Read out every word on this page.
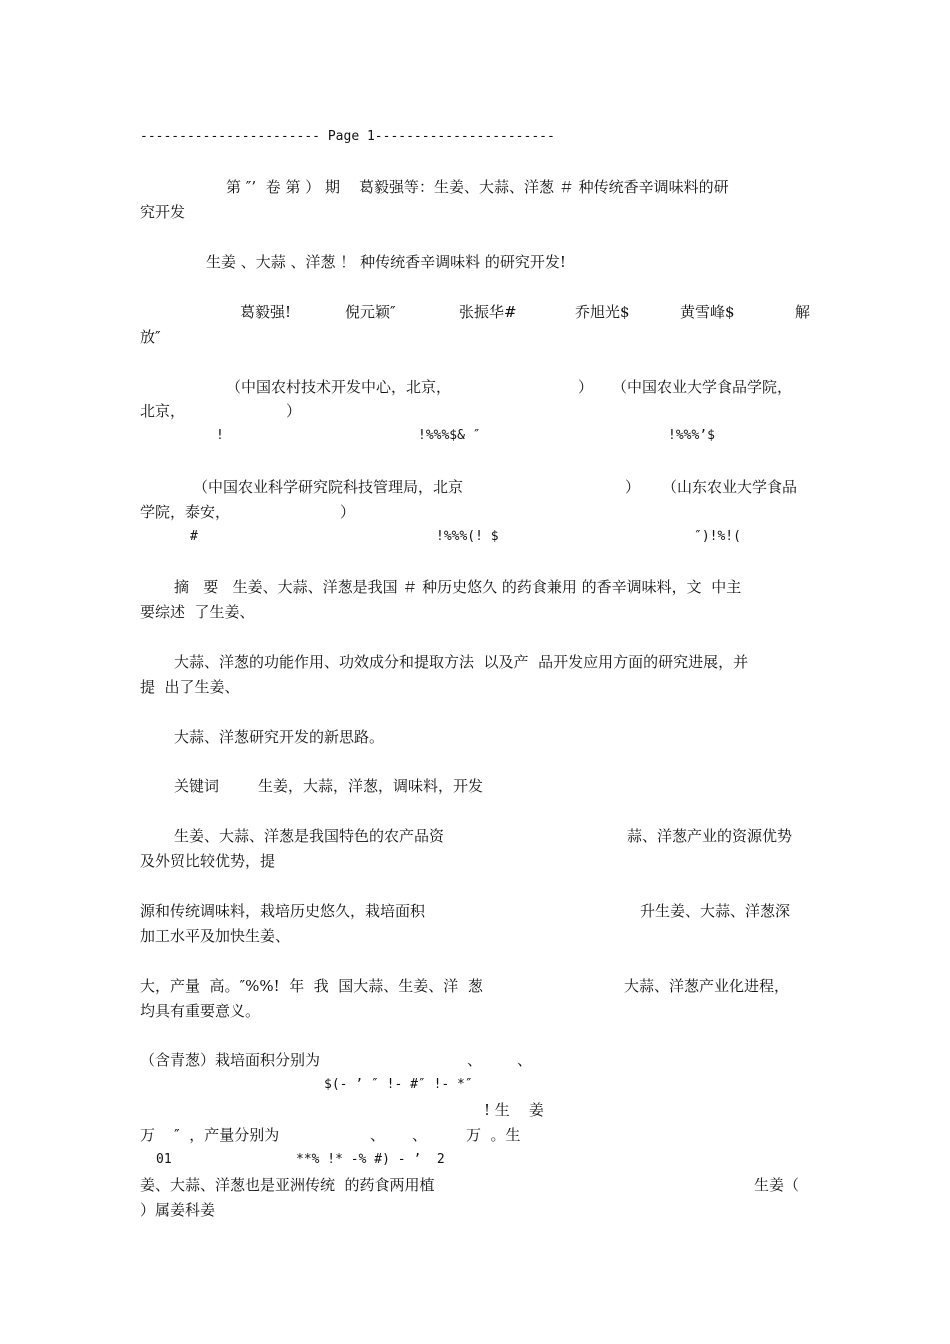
----------------------- Page 1-----------------------
第 ″’  卷 第 ） 期    葛毅强等：生姜、大蒜、洋葱 ＃ 种传统香辛调味料的研
究开发
生姜 、大蒜 、洋葱 ！ 种传统香辛调味料 的研究开发!
葛毅强!	倪元颖″	张振华#	乔旭光$	黄雪峰$	解
放″
（中国农村技术开发中心，北京，	） （中国农业大学食品学院，
北京，	）
!	!%%%$& ″	!%%%’$
（中国农业科学研究院科技管理局，北京	） （山东农业大学食品
学院，泰安，	）
#	!%%%(! $	″)!%!(
摘   要   生姜、大蒜、洋葱是我国 ＃ 种历史悠久 的药食兼用 的香辛调味料，文  中主
要综述  了生姜、
大蒜、洋葱的功能作用、功效成分和提取方法  以及产  品开发应用方面的研究进展，并
提  出了生姜、
大蒜、洋葱研究开发的新思路。
关键词	生姜，大蒜，洋葱，调味料，开发
生姜、大蒜、洋葱是我国特色的农产品资	蒜、洋葱产业的资源优势
及外贸比较优势，提
源和传统调味料，栽培历史悠久，栽培面积	升生姜、大蒜、洋葱深
加工水平及加快生姜、
大，产量  高。″%%!  年  我  国大蒜、生姜、洋  葱	大蒜、洋葱产业化进程，
均具有重要意义。
（含青葱）栽培面积分别为	、 、
$(- ’ ″ !- #″ !- *″
! 生    姜
万    ″  ，产量分别为	、 、	万  。生
01	**% !* -% #) - ’  2
姜、大蒜、洋葱也是亚洲传统  的药食两用植	生姜（
）属姜科姜
